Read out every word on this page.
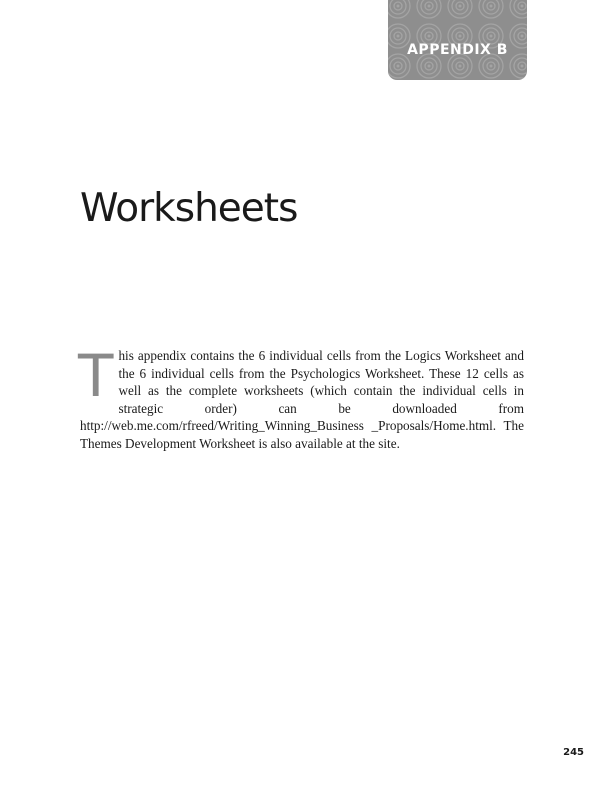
APPENDIX B
Worksheets

This appendix contains the 6 individual cells from the Logics Worksheet and the 6 individual cells from the Psychologics Worksheet. These 12 cells as well as the complete worksheets (which contain the individual cells in strategic order) can be downloaded from http://web.me.com/rfreed/Writing_Winning_Business _Proposals/Home.html. The Themes Development Worksheet is also available at the site.

245
